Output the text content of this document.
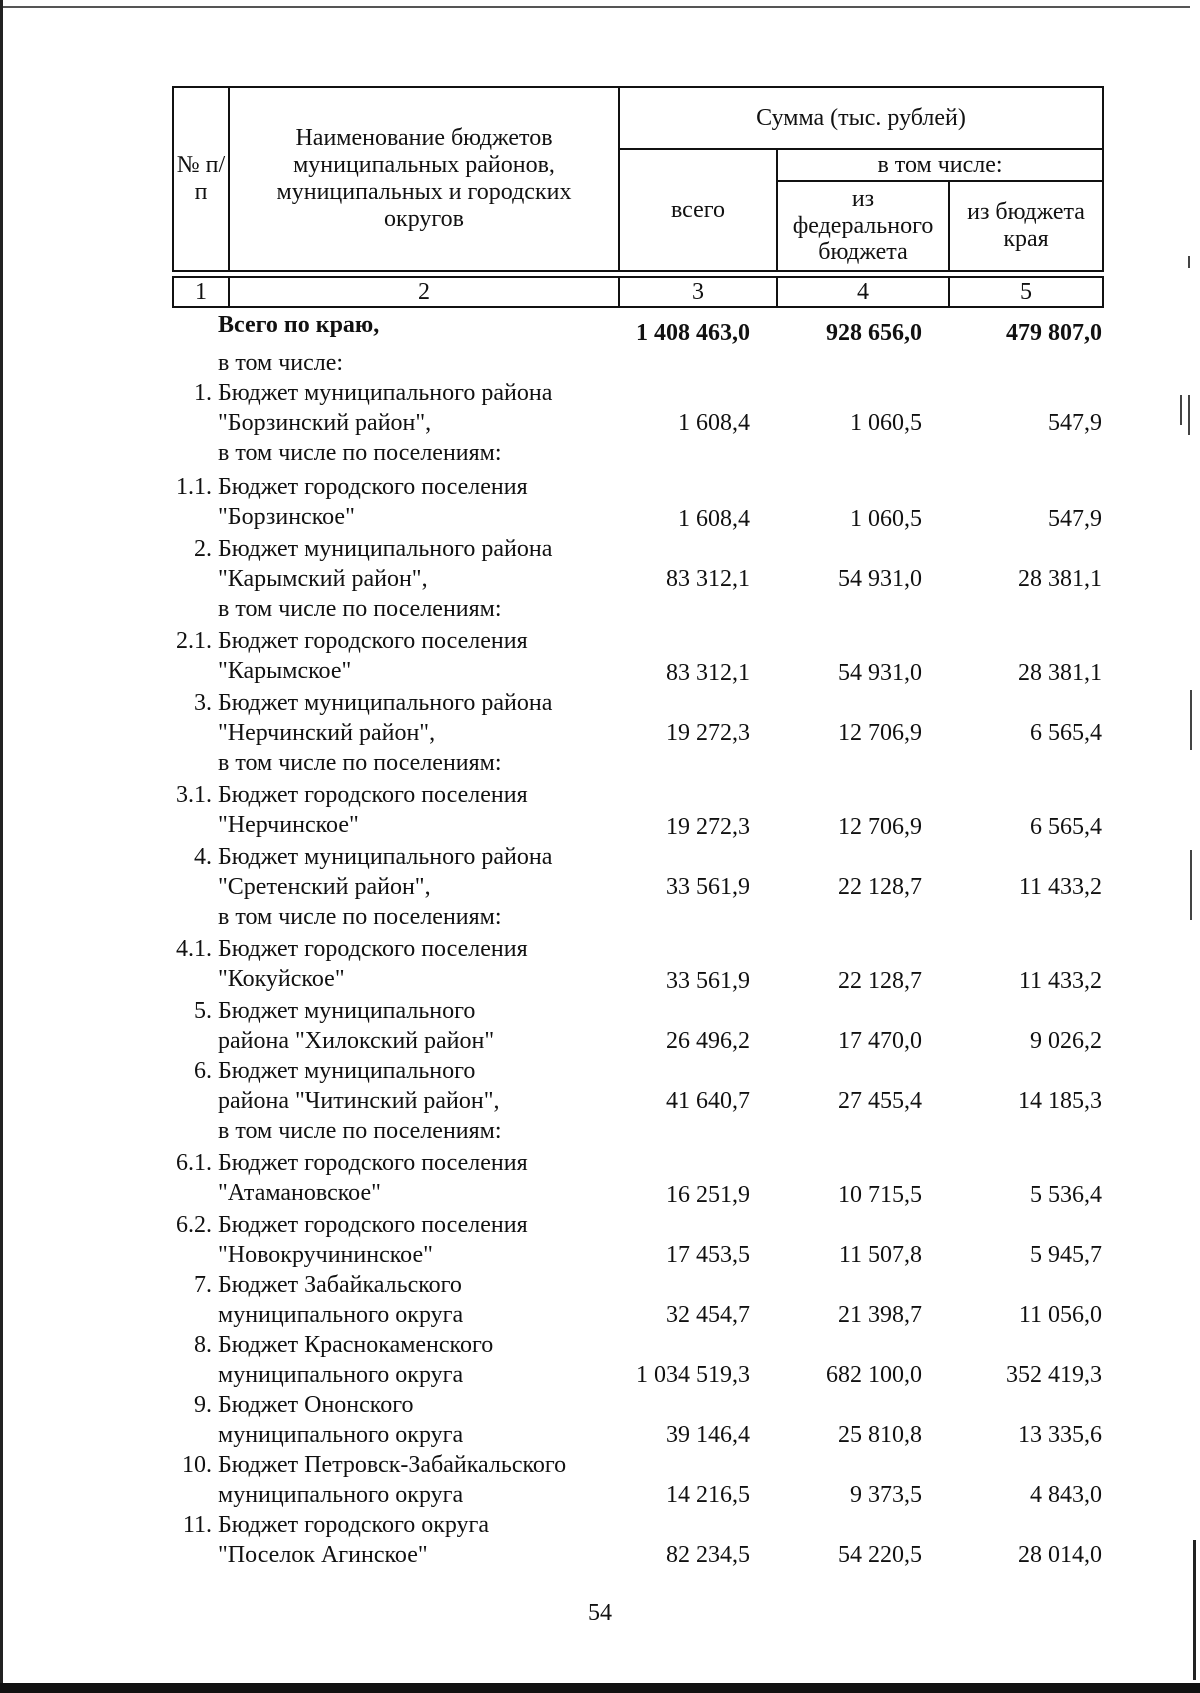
№ п/п	Наименование бюджетов муниципальных районов, муниципальных и городских округов	Сумма (тыс. рублей)		
		всего	в том числе:	
			из федерального бюджета	из бюджета края
1	2	3	4	5
Всего по краю,	1 408 463,0	928 656,0	479 807,0
в том числе:
1. Бюджет муниципального района "Борзинский район",	1 608,4	1 060,5	547,9
в том числе по поселениям:
1.1. Бюджет городского поселения "Борзинское"	1 608,4	1 060,5	547,9
2. Бюджет муниципального района "Карымский район",	83 312,1	54 931,0	28 381,1
в том числе по поселениям:
2.1. Бюджет городского поселения "Карымское"	83 312,1	54 931,0	28 381,1
3. Бюджет муниципального района "Нерчинский район",	19 272,3	12 706,9	6 565,4
в том числе по поселениям:
3.1. Бюджет городского поселения "Нерчинское"	19 272,3	12 706,9	6 565,4
4. Бюджет муниципального района "Сретенский район",	33 561,9	22 128,7	11 433,2
в том числе по поселениям:
4.1. Бюджет городского поселения "Кокуйское"	33 561,9	22 128,7	11 433,2
5. Бюджет муниципального района "Хилокский район"	26 496,2	17 470,0	9 026,2
6. Бюджет муниципального района "Читинский район",	41 640,7	27 455,4	14 185,3
в том числе по поселениям:
6.1. Бюджет городского поселения "Атамановское"	16 251,9	10 715,5	5 536,4
6.2. Бюджет городского поселения "Новокручининское"	17 453,5	11 507,8	5 945,7
7. Бюджет Забайкальского муниципального округа	32 454,7	21 398,7	11 056,0
8. Бюджет Краснокаменского муниципального округа	1 034 519,3	682 100,0	352 419,3
9. Бюджет Ононского муниципального округа	39 146,4	25 810,8	13 335,6
10. Бюджет Петровск-Забайкальского муниципального округа	14 216,5	9 373,5	4 843,0
11. Бюджет городского округа "Поселок Агинское"	82 234,5	54 220,5	28 014,0
54
